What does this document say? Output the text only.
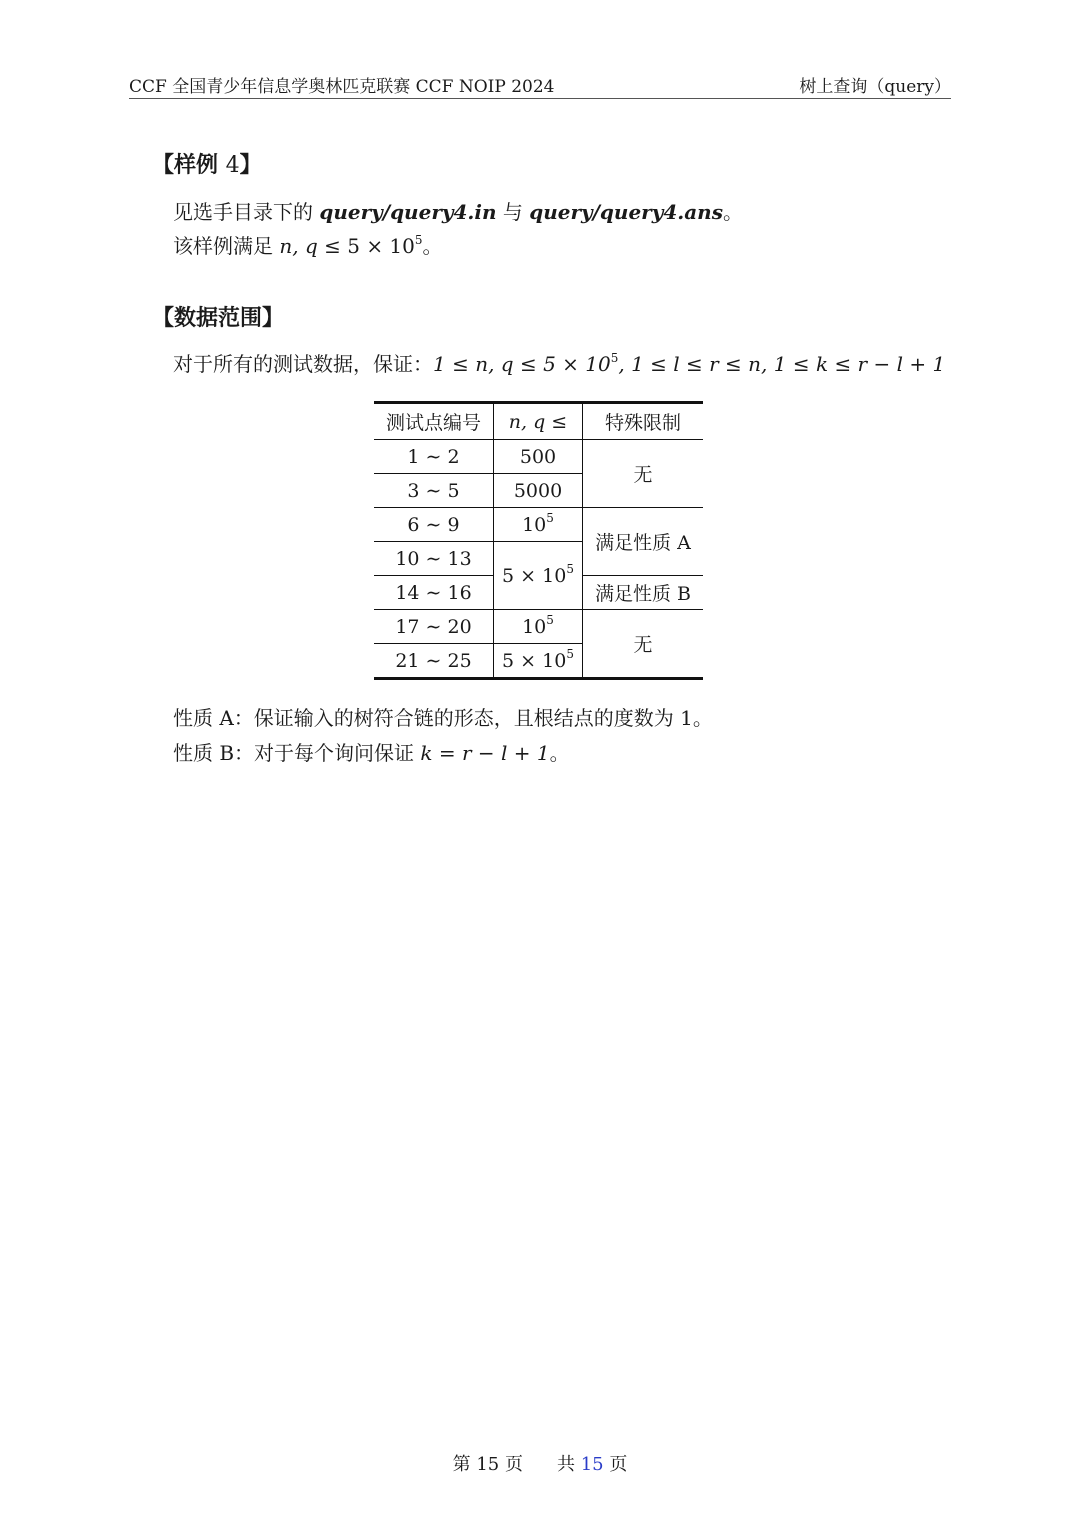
CCF 全国青少年信息学奥林匹克联赛 CCF NOIP 2024	树上查询（query）
【样例 4】
见选手目录下的 query/query4.in 与 query/query4.ans。
该样例满足 n, $q \le 5 \times 10^5$。
【数据范围】
对于所有的测试数据，保证：1 ≤ n, $q \le 5 \times 10^5$, 1 ≤ l ≤ r ≤ n, 1 ≤ k ≤ r − l + 1
测试点编号	n, q ≤	特殊限制
1 ∼ 2	500	无
3 ∼ 5	5000	
6 ∼ 9	$10^5$	满足性质 A
10 ∼ 13	$5 \times 10^5$
14 ∼ 16		满足性质 B
17 ∼ 20	$10^5$	无
21 ∼ 25	$5 \times 10^5$
性质 A：保证输入的树符合链的形态，且根结点的度数为 1。
性质 B：对于每个询问保证 k = r − l + 1。
第 15 页 共 15 页
